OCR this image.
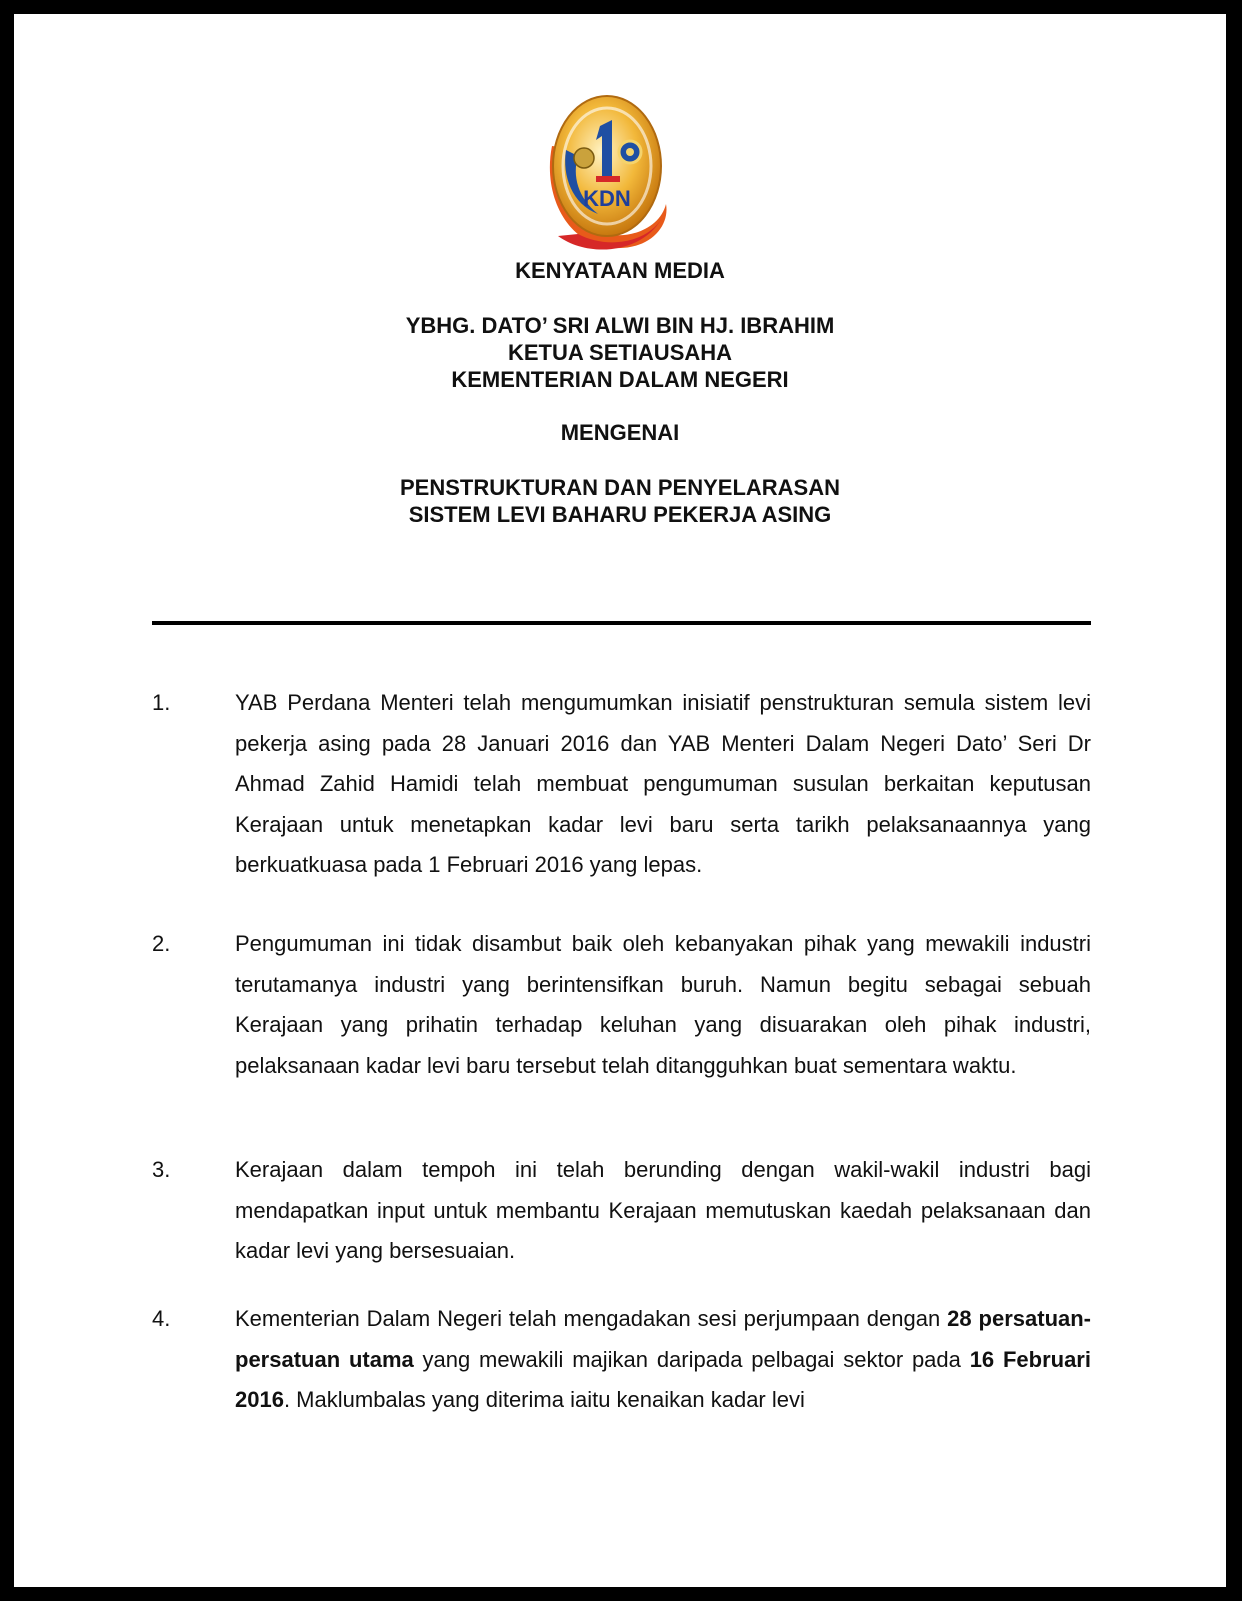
KDN

KENYATAAN MEDIA

YBHG. DATO’ SRI ALWI BIN HJ. IBRAHIM

KETUA SETIAUSAHA

KEMENTERIAN DALAM NEGERI

MENGENAI

PENSTRUKTURAN DAN PENYELARASAN

SISTEM LEVI BAHARU PEKERJA ASING

1.	YAB Perdana Menteri telah mengumumkan inisiatif penstrukturan semula sistem levi pekerja asing pada 28 Januari 2016 dan YAB Menteri Dalam Negeri Dato’ Seri Dr Ahmad Zahid Hamidi telah membuat pengumuman susulan berkaitan keputusan Kerajaan untuk menetapkan kadar levi baru serta tarikh pelaksanaannya yang berkuatkuasa pada 1 Februari 2016 yang lepas.
2.	Pengumuman ini tidak disambut baik oleh kebanyakan pihak yang mewakili industri terutamanya industri yang berintensifkan buruh. Namun begitu sebagai sebuah Kerajaan yang prihatin terhadap keluhan yang disuarakan oleh pihak industri, pelaksanaan kadar levi baru tersebut telah ditangguhkan buat sementara waktu.
3.	Kerajaan dalam tempoh ini telah berunding dengan wakil-wakil industri bagi mendapatkan input untuk membantu Kerajaan memutuskan kaedah pelaksanaan dan kadar levi yang bersesuaian.
4.	Kementerian Dalam Negeri telah mengadakan sesi perjumpaan dengan 28 persatuan-persatuan utama yang mewakili majikan daripada pelbagai sektor pada 16 Februari 2016. Maklumbalas yang diterima iaitu kenaikan kadar levi
